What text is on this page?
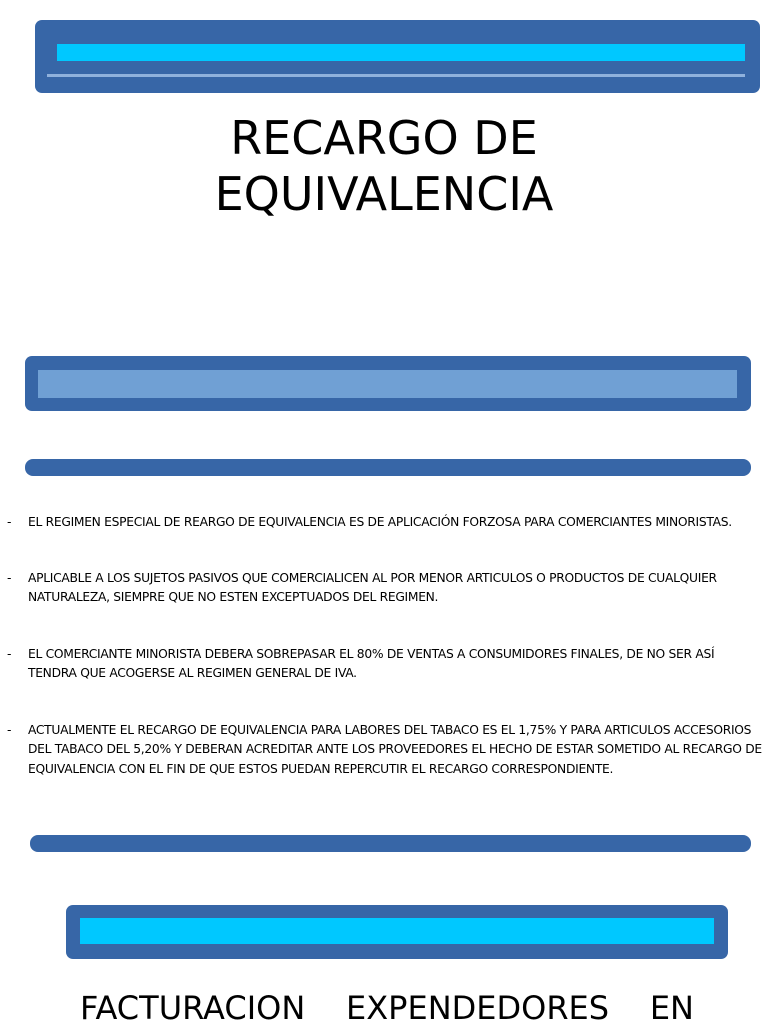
RECARGO DE
EQUIVALENCIA
- EL REGIMEN ESPECIAL DE REARGO DE EQUIVALENCIA ES DE APLICACIÓN FORZOSA PARA COMERCIANTES MINORISTAS.
- APLICABLE A LOS SUJETOS PASIVOS QUE COMERCIALICEN AL POR MENOR ARTICULOS O PRODUCTOS DE CUALQUIER NATURALEZA, SIEMPRE QUE NO ESTEN EXCEPTUADOS DEL REGIMEN.
- EL COMERCIANTE MINORISTA DEBERA SOBREPASAR EL 80% DE VENTAS A CONSUMIDORES FINALES, DE NO SER ASÍ TENDRA QUE ACOGERSE AL REGIMEN GENERAL DE IVA.
- ACTUALMENTE EL RECARGO DE EQUIVALENCIA PARA LABORES DEL TABACO ES EL 1,75% Y PARA ARTICULOS ACCESORIOS DEL TABACO DEL 5,20% Y DEBERAN ACREDITAR ANTE LOS PROVEEDORES EL HECHO DE ESTAR SOMETIDO AL RECARGO DE EQUIVALENCIA CON EL FIN DE QUE ESTOS PUEDAN REPERCUTIR EL RECARGO CORRESPONDIENTE.
FACTURACION EXPENDEDORES EN
